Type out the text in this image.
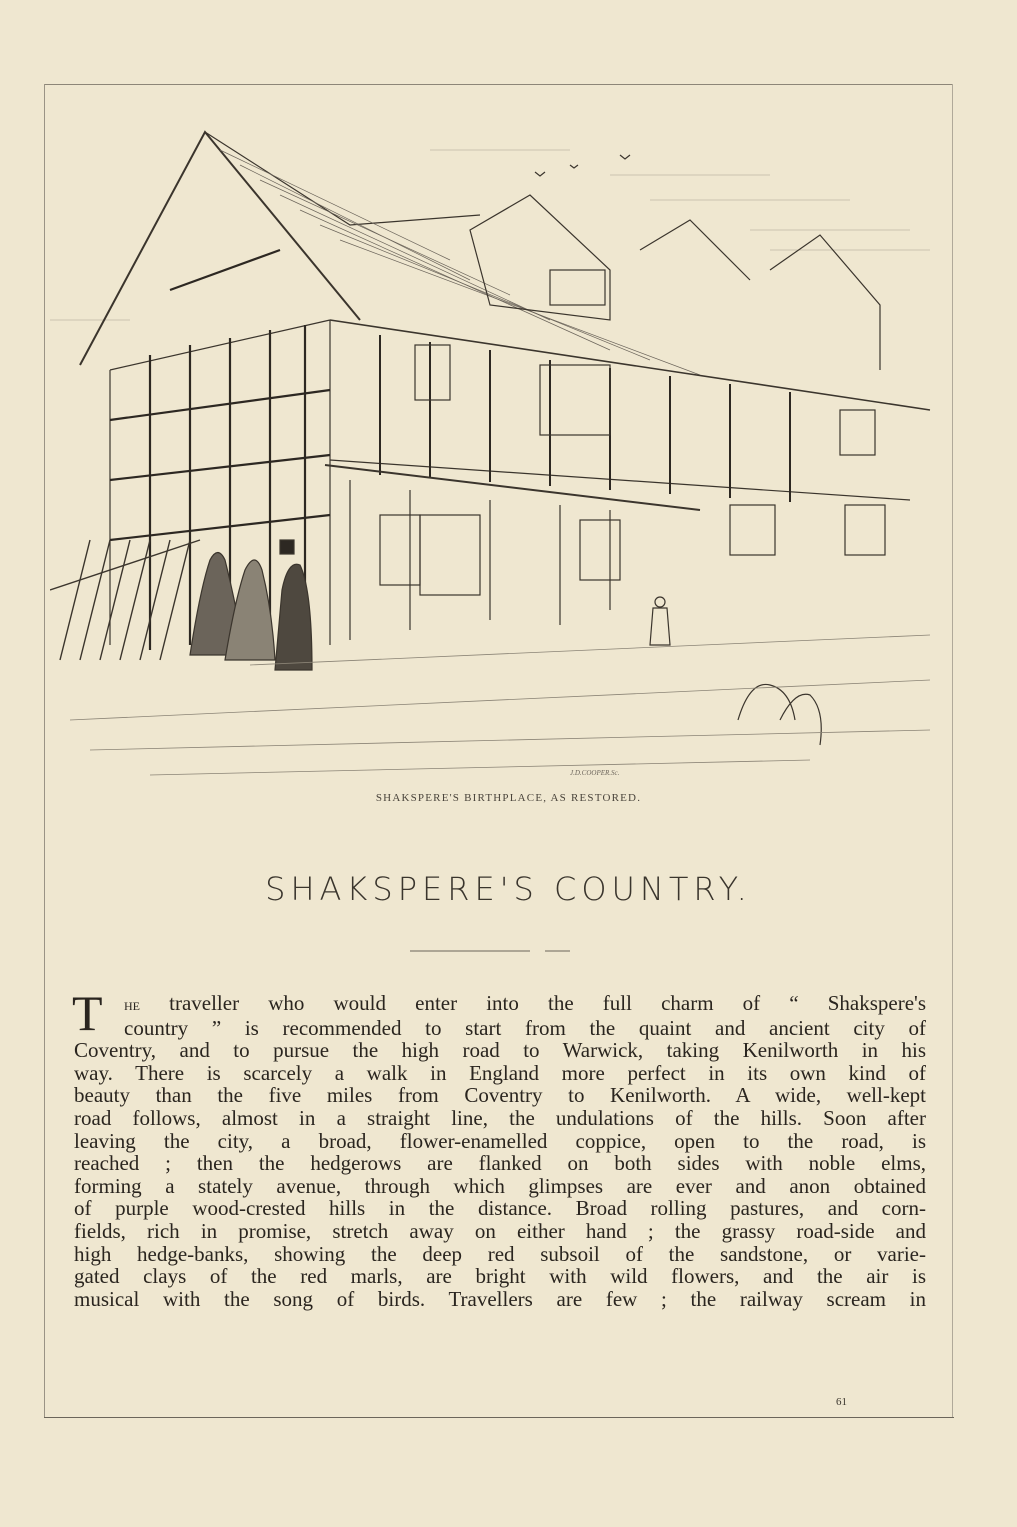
J.D.COOPER.Sc.
SHAKSPERE'S BIRTHPLACE, AS RESTORED.
SHAKSPERE'S COUNTRY.
T	he traveller who would enter into the full charm of “ Shakspere's
country ” is recommended to start from the quaint and ancient city of
Coventry, and to pursue the high road to Warwick, taking Kenilworth in his
way. There is scarcely a walk in England more perfect in its own kind of
beauty than the five miles from Coventry to Kenilworth. A wide, well-kept
road follows, almost in a straight line, the undulations of the hills. Soon after
leaving the city, a broad, flower-enamelled coppice, open to the road, is
reached ; then the hedgerows are flanked on both sides with noble elms,
forming a stately avenue, through which glimpses are ever and anon obtained
of purple wood-crested hills in the distance. Broad rolling pastures, and corn-
fields, rich in promise, stretch away on either hand ; the grassy road-side and
high hedge-banks, showing the deep red subsoil of the sandstone, or varie-
gated clays of the red marls, are bright with wild flowers, and the air is
musical with the song of birds. Travellers are few ; the railway scream in
61
